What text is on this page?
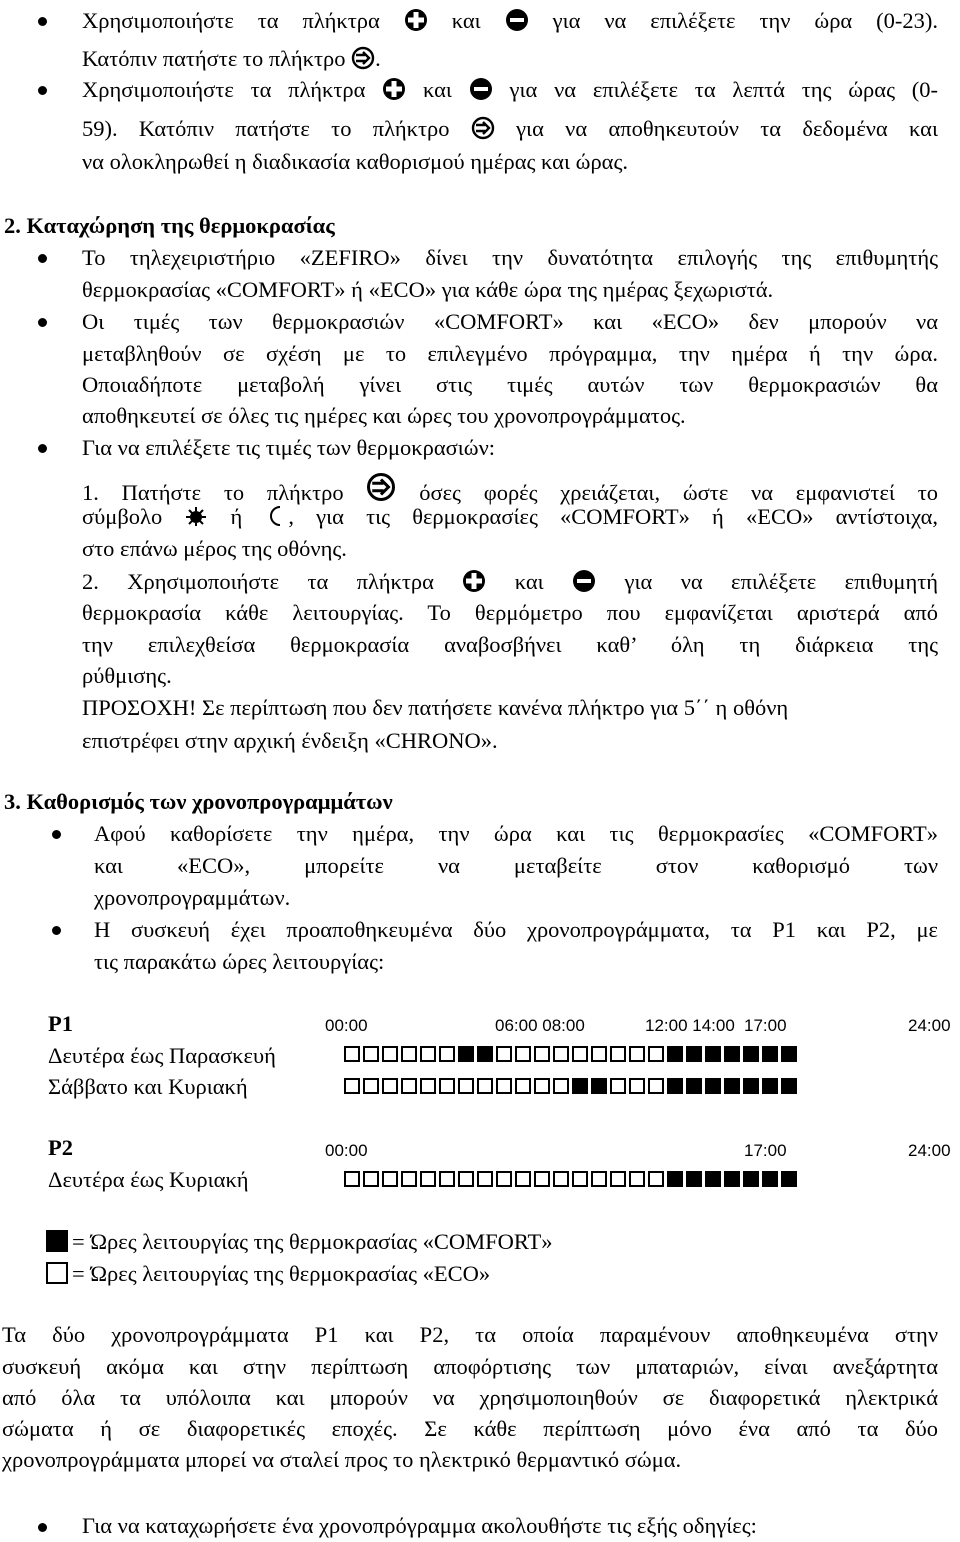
Χρησιμοποιήστε τα πλήκτρα	και	για να επιλέξετε την ώρα (0-23).
Κατόπιν πατήστε το πλήκτρο .
Χρησιμοποιήστε τα πλήκτρα	και	για να επιλέξετε τα λεπτά της ώρας (0-
59). Κατόπιν πατήστε το πλήκτρο	για να αποθηκευτούν τα δεδομένα και
να ολοκληρωθεί η διαδικασία καθορισμού ημέρας και ώρας.
2. Καταχώρηση της θερμοκρασίας
Το τηλεχειριστήριο «ZEFIRO» δίνει την δυνατότητα επιλογής της επιθυμητής
θερμοκρασίας «COMFORT» ή «ECO» για κάθε ώρα της ημέρας ξεχωριστά.
Οι τιμές των θερμοκρασιών «COMFORT» και «ECO» δεν μπορούν να
μεταβληθούν σε σχέση με το επιλεγμένο πρόγραμμα, την ημέρα ή την ώρα.
Οποιαδήποτε μεταβολή γίνει στις τιμές αυτών των θερμοκρασιών θα
αποθηκευτεί σε όλες τις ημέρες και ώρες του χρονοπρογράμματος.
Για να επιλέξετε τις τιμές των θερμοκρασιών:
1. Πατήστε το πλήκτρο	όσες φορές χρειάζεται, ώστε να εμφανιστεί το
σύμβολο	ή , για τις θερμοκρασίες «COMFORT» ή «ECO» αντίστοιχα,
στο επάνω μέρος της οθόνης.
2. Χρησιμοποιήστε τα πλήκτρα	και	για να επιλέξετε επιθυμητή
θερμοκρασία κάθε λειτουργίας. Το θερμόμετρο που εμφανίζεται αριστερά από
την επιλεχθείσα θερμοκρασία αναβοσβήνει καθ’ όλη τη διάρκεια της
ρύθμισης.
ΠΡΟΣΟΧΗ! Σε περίπτωση που δεν πατήσετε κανένα πλήκτρο για 5΄΄ η οθόνη
επιστρέφει στην αρχική ένδειξη «CHRONO».
3. Καθορισμός των χρονοπρογραμμάτων
Αφού καθορίσετε την ημέρα, την ώρα και τις θερμοκρασίες «COMFORT»
και «ECO», μπορείτε να μεταβείτε στον καθορισμό των
χρονοπρογραμμάτων.
Η συσκευή έχει προαποθηκευμένα δύο χρονοπρογράμματα, τα P1 και P2, με
τις παρακάτω ώρες λειτουργίας:
P1	00:00	06:00 08:00	12:00 14:00 17:00	24:00
Δευτέρα έως Παρασκευή
Σάββατο και Κυριακή
P2	00:00	17:00	24:00
Δευτέρα έως Κυριακή
= Ώρες λειτουργίας της θερμοκρασίας «COMFORT»
= Ώρες λειτουργίας της θερμοκρασίας «ECO»
Τα δύο χρονοπρογράμματα P1 και P2, τα οποία παραμένουν αποθηκευμένα στην
συσκευή ακόμα και στην περίπτωση αποφόρτισης των μπαταριών, είναι ανεξάρτητα
από όλα τα υπόλοιπα και μπορούν να χρησιμοποιηθούν σε διαφορετικά ηλεκτρικά
σώματα ή σε διαφορετικές εποχές. Σε κάθε περίπτωση μόνο ένα από τα δύο
χρονοπρογράμματα μπορεί να σταλεί προς το ηλεκτρικό θερμαντικό σώμα.
Για να καταχωρήσετε ένα χρονοπρόγραμμα ακολουθήστε τις εξής οδηγίες:
